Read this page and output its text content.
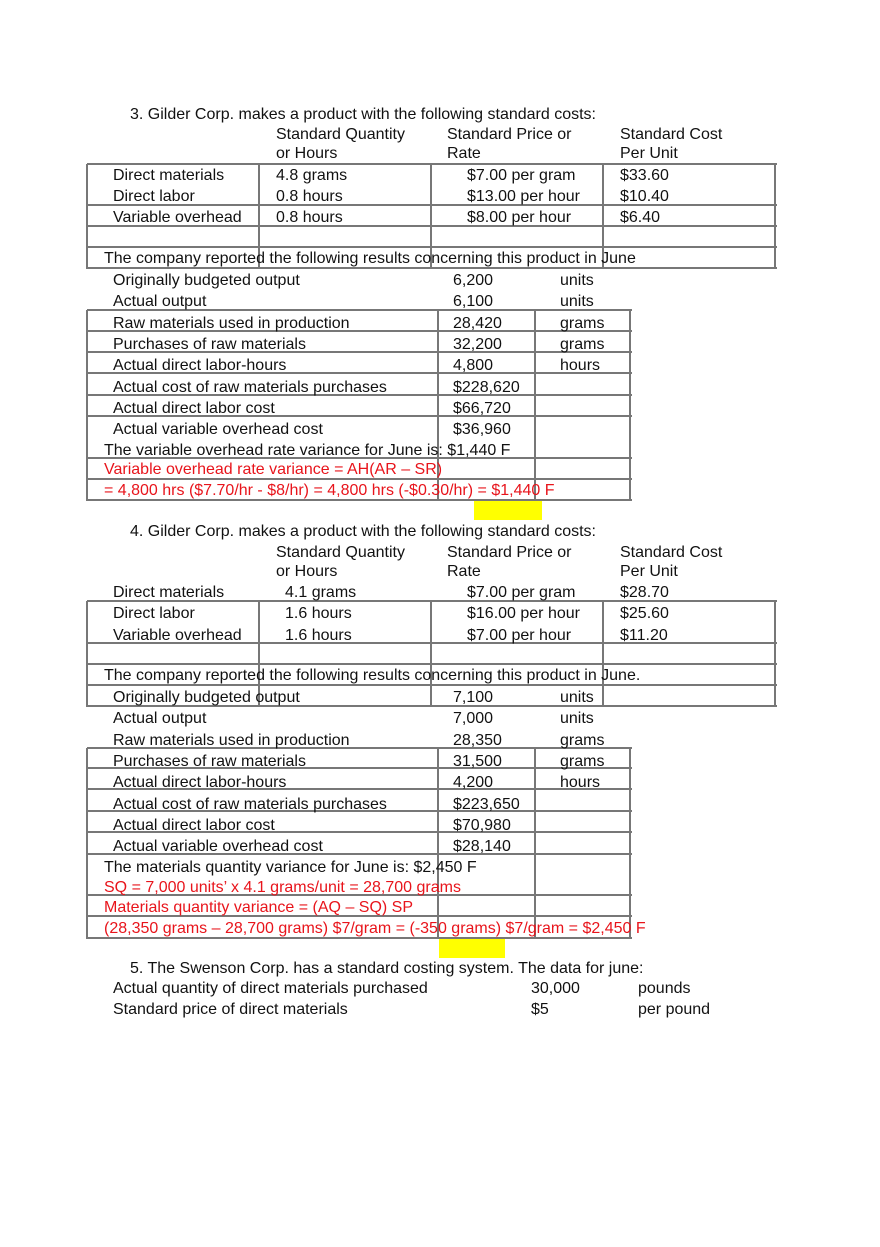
3. Gilder Corp. makes a product with the following standard costs:
Standard Quantity
or Hours
Standard Price or
Rate
Standard Cost
Per Unit
Direct materials	4.8 grams	$7.00 per gram	$33.60
Direct labor	0.8 hours	$13.00 per hour	$10.40
Variable overhead 0.8 hours	$8.00 per hour	$6.40
The company reported the following results concerning this product in June
Originally budgeted output	6,200	units
Actual output	6,100	units
Raw materials used in production	28,420	grams
Purchases of raw materials	32,200	grams
Actual direct labor-hours	4,800	hours
Actual cost of raw materials purchases	$228,620
Actual direct labor cost	$66,720
Actual variable overhead cost	$36,960
The variable overhead rate variance for June is: $1,440 F
Variable overhead rate variance = AH(AR – SR)
= 4,800 hrs ($7.70/hr - $8/hr) = 4,800 hrs (-$0.30/hr) = $1,440 F
4. Gilder Corp. makes a product with the following standard costs:
Standard Quantity
or Hours
Standard Price or
Rate
Standard Cost
Per Unit
Direct materials	4.1 grams	$7.00 per gram	$28.70
Direct labor	1.6 hours	$16.00 per hour	$25.60
Variable overhead	1.6 hours	$7.00 per hour	$11.20
The company reported the following results concerning this product in June.
Originally budgeted output	7,100	units
Actual output	7,000	units
Raw materials used in production	28,350	grams
Purchases of raw materials	31,500	grams
Actual direct labor-hours	4,200	hours
Actual cost of raw materials purchases	$223,650
Actual direct labor cost	$70,980
Actual variable overhead cost	$28,140
The materials quantity variance for June is: $2,450 F
SQ = 7,000 units’ x 4.1 grams/unit = 28,700 grams
Materials quantity variance = (AQ – SQ) SP
(28,350 grams – 28,700 grams) $7/gram = (-350 grams) $7/gram = $2,450 F
5. The Swenson Corp. has a standard costing system. The data for june:
Actual quantity of direct materials purchased	30,000	pounds
Standard price of direct materials	$5	per pound
